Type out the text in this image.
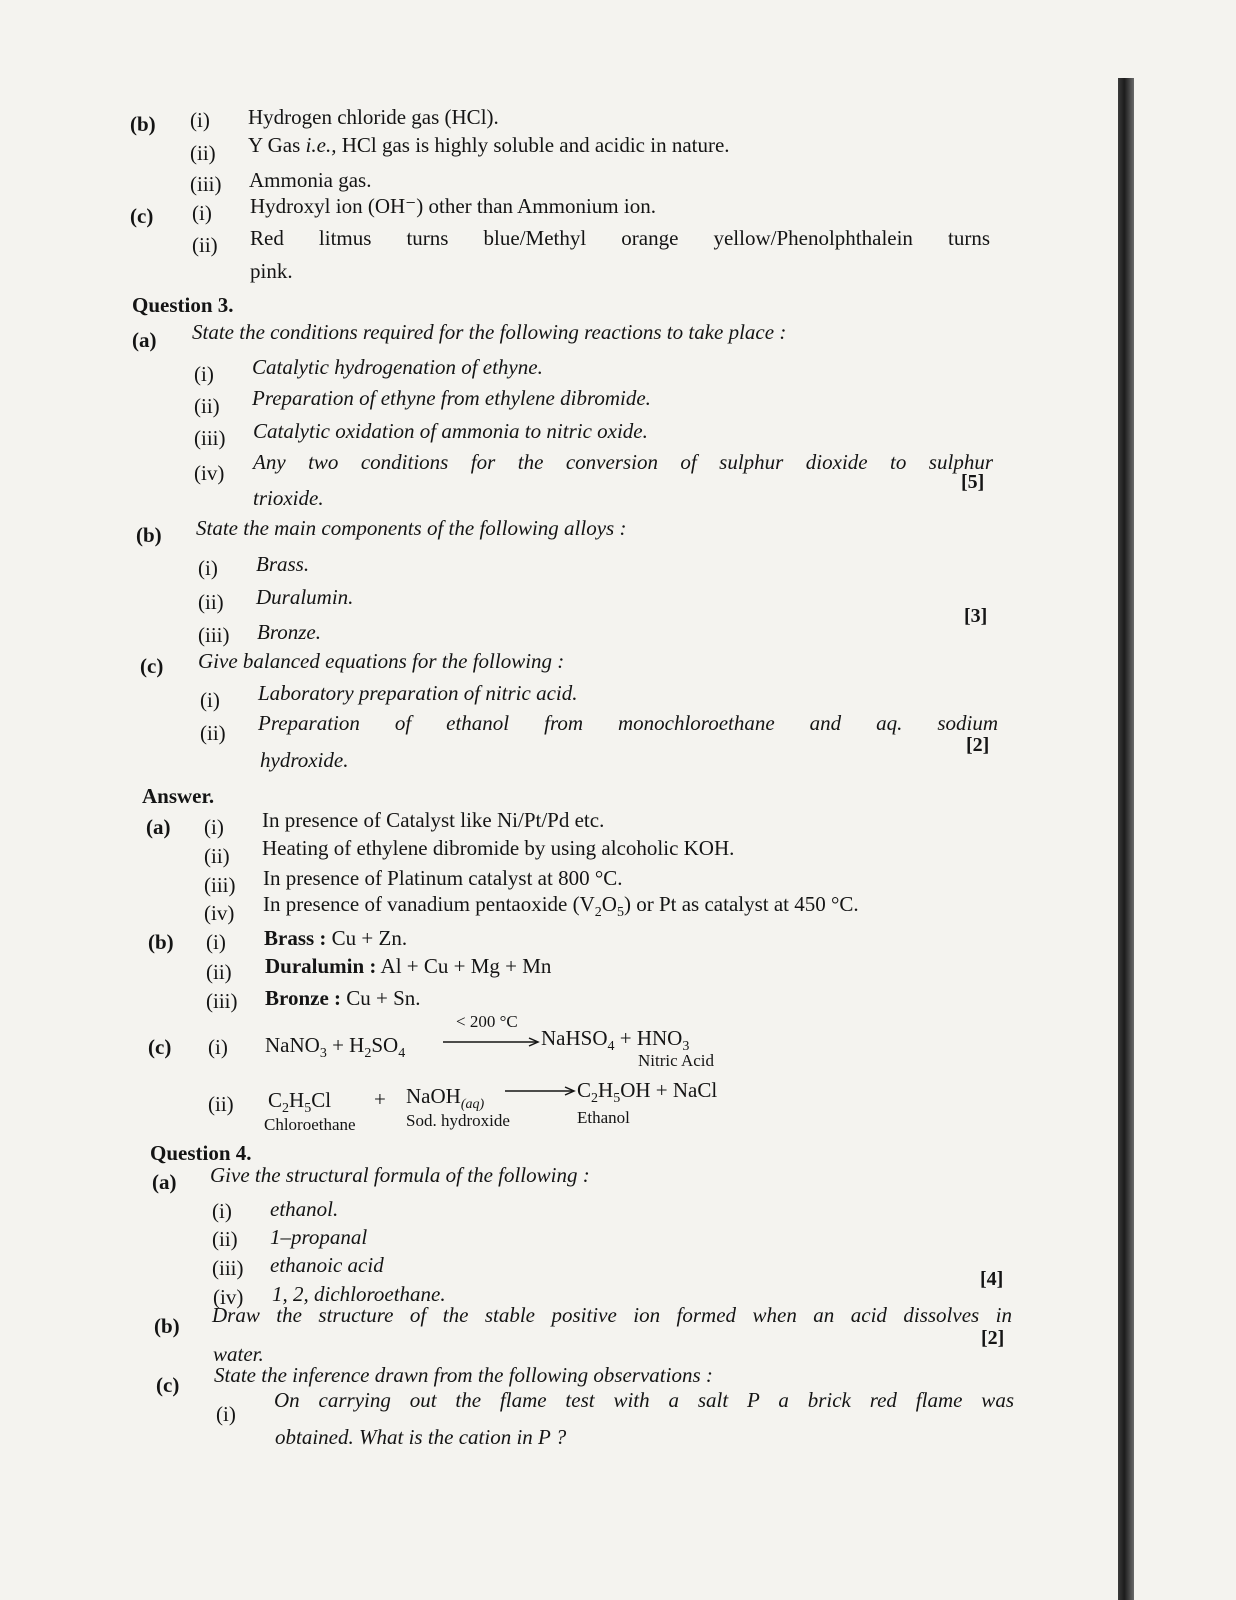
(b) (i) Hydrogen chloride gas (HCl).
(ii) Y Gas i.e., HCl gas is highly soluble and acidic in nature.
(iii) Ammonia gas.
(c) (i) Hydroxyl ion (OH⁻) other than Ammonium ion.
(ii) Red litmus turns blue/Methyl orange yellow/Phenolphthalein turns
pink.
Question 3.
(a) State the conditions required for the following reactions to take place :
(i) Catalytic hydrogenation of ethyne.
(ii) Preparation of ethyne from ethylene dibromide.
(iii) Catalytic oxidation of ammonia to nitric oxide.
(iv) Any two conditions for the conversion of sulphur dioxide to sulphur
trioxide.
[5]
(b) State the main components of the following alloys :
(i) Brass.
(ii) Duralumin.
(iii) Bronze.
[3]
(c) Give balanced equations for the following :
(i) Laboratory preparation of nitric acid.
(ii) Preparation of ethanol from monochloroethane and aq. sodium
hydroxide.
[2]
Answer.
(a) (i) In presence of Catalyst like Ni/Pt/Pd etc.
(ii) Heating of ethylene dibromide by using alcoholic KOH.
(iii) In presence of Platinum catalyst at 800 °C.
(iv) In presence of vanadium pentaoxide $(V_2O_5)$ or Pt as catalyst at 450 °C.
(b) (i) Brass : Cu + Zn.
(ii) Duralumin : Al + Cu + Mg + Mn
(iii) Bronze : Cu + Sn.
(c) (i) NaNO$_3$ + $H_2SO_4$
< 200 °C
NaHSO$_4$ + $HNO_3$
Nitric Acid
(ii) $C_2H_5Cl$ + NaOH$_{(aq)}$
$C_2H_5OH$ + NaCl
Chloroethane	Sod. hydroxide	Ethanol
Question 4.
(a) Give the structural formula of the following :
(i) ethanol.
(ii) 1–propanal
(iii) ethanoic acid
(iv) 1, 2, dichloroethane.
[4]
(b) Draw the structure of the stable positive ion formed when an acid dissolves in
water.
[2]
(c) State the inference drawn from the following observations :
(i)
On carrying out the flame test with a salt P a brick red flame was
obtained. What is the cation in P ?
